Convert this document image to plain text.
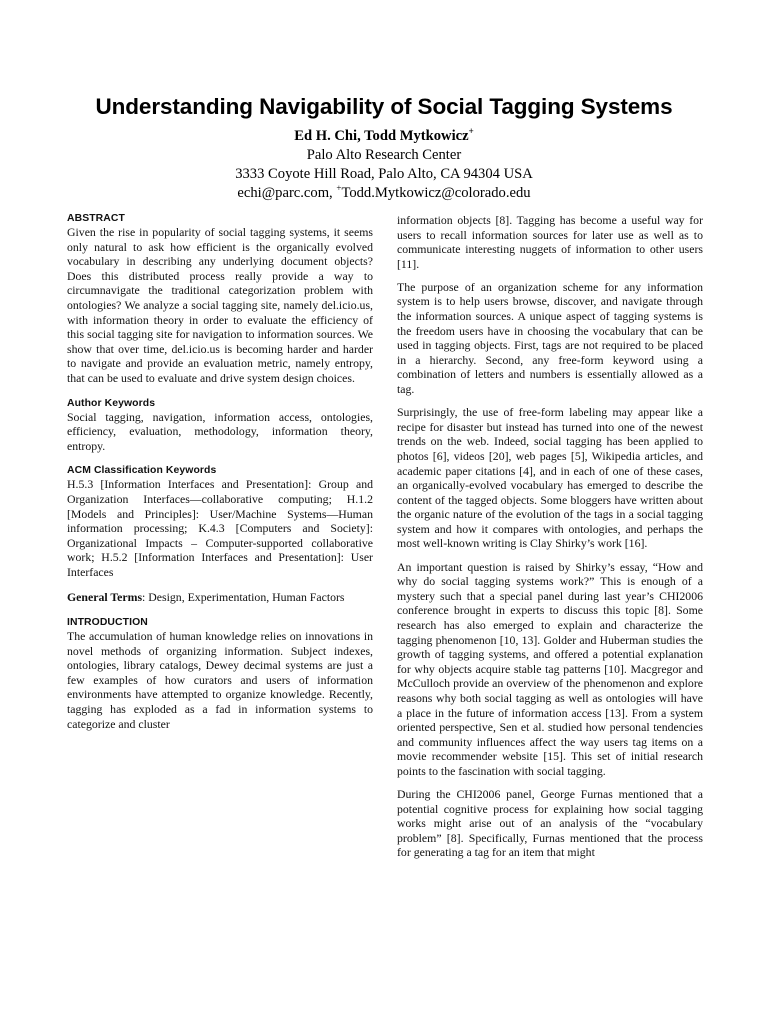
Understanding Navigability of Social Tagging Systems
Ed H. Chi, Todd Mytkowicz+
Palo Alto Research Center
3333 Coyote Hill Road, Palo Alto, CA 94304 USA
echi@parc.com, +Todd.Mytkowicz@colorado.edu
ABSTRACT

Given the rise in popularity of social tagging systems, it seems only natural to ask how efficient is the organically evolved vocabulary in describing any underlying document objects? Does this distributed process really provide a way to circumnavigate the traditional categorization problem with ontologies? We analyze a social tagging site, namely del.icio.us, with information theory in order to evaluate the efficiency of this social tagging site for navigation to information sources. We show that over time, del.icio.us is becoming harder and harder to navigate and provide an evaluation metric, namely entropy, that can be used to evaluate and drive system design choices.

Author Keywords

Social tagging, navigation, information access, ontologies, efficiency, evaluation, methodology, information theory, entropy.

ACM Classification Keywords

H.5.3 [Information Interfaces and Presentation]: Group and Organization Interfaces—collaborative computing; H.1.2 [Models and Principles]: User/Machine Systems—Human information processing; K.4.3 [Computers and Society]: Organizational Impacts – Computer-supported collaborative work; H.5.2 [Information Interfaces and Presentation]: User Interfaces

General Terms: Design, Experimentation, Human Factors

INTRODUCTION

The accumulation of human knowledge relies on innovations in novel methods of organizing information. Subject indexes, ontologies, library catalogs, Dewey decimal systems are just a few examples of how curators and users of information environments have attempted to organize knowledge. Recently, tagging has exploded as a fad in information systems to categorize and cluster

information objects [8]. Tagging has become a useful way for users to recall information sources for later use as well as to communicate interesting nuggets of information to other users [11].

The purpose of an organization scheme for any information system is to help users browse, discover, and navigate through the information sources. A unique aspect of tagging systems is the freedom users have in choosing the vocabulary that can be used in tagging objects. First, tags are not required to be placed in a hierarchy. Second, any free-form keyword using a combination of letters and numbers is essentially allowed as a tag.

Surprisingly, the use of free-form labeling may appear like a recipe for disaster but instead has turned into one of the newest trends on the web. Indeed, social tagging has been applied to photos [6], videos [20], web pages [5], Wikipedia articles, and academic paper citations [4], and in each of one of these cases, an organically-evolved vocabulary has emerged to describe the content of the tagged objects. Some bloggers have written about the organic nature of the evolution of the tags in a social tagging system and how it compares with ontologies, and perhaps the most well-known writing is Clay Shirky’s work [16].

An important question is raised by Shirky’s essay, “How and why do social tagging systems work?” This is enough of a mystery such that a special panel during last year’s CHI2006 conference brought in experts to discuss this topic [8]. Some research has also emerged to explain and characterize the tagging phenomenon [10, 13]. Golder and Huberman studies the growth of tagging systems, and offered a potential explanation for why objects acquire stable tag patterns [10]. Macgregor and McCulloch provide an overview of the phenomenon and explore reasons why both social tagging as well as ontologies will have a place in the future of information access [13]. From a system oriented perspective, Sen et al. studied how personal tendencies and community influences affect the way users tag items on a movie recommender website [15]. This set of initial research points to the fascination with social tagging.

During the CHI2006 panel, George Furnas mentioned that a potential cognitive process for explaining how social tagging works might arise out of an analysis of the “vocabulary problem” [8]. Specifically, Furnas mentioned that the process for generating a tag for an item that might
